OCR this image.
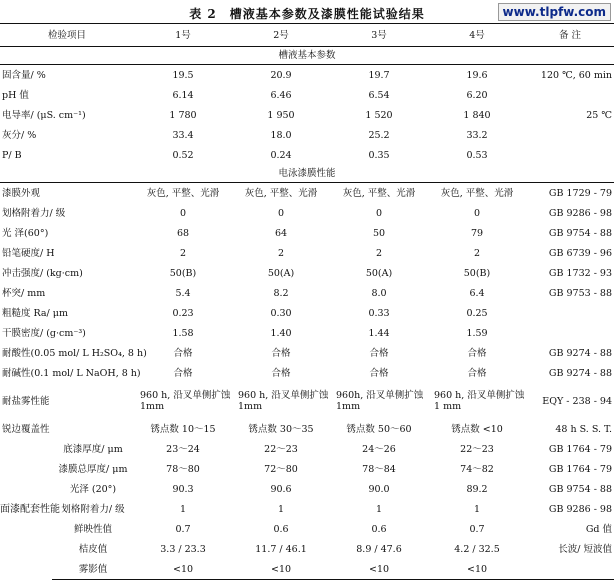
表 2　槽液基本参数及漆膜性能试验结果	www.tlpfw.com
检验项目		1号	2号	3号	4号	备 注
槽液基本参数						
固含量/ %		19.5	20.9	19.7	19.6	120 ℃, 60 min
pH 值		6.14	6.46	6.54	6.20	
电导率/ (μS. cm⁻¹)		1 780	1 950	1 520	1 840	25 ℃
灰分/ %		33.4	18.0	25.2	33.2	
P/ B		0.52	0.24	0.35	0.53	
电泳漆膜性能						
漆膜外观		灰色, 平整、光滑	灰色, 平整、光滑	灰色, 平整、光滑	灰色, 平整、光滑	GB 1729 - 79
划格附着力/ 级		0	0	0	0	GB 9286 - 98
光 泽(60°)		68	64	50	79	GB 9754 - 88
铅笔硬度/ H		2	2	2	2	GB 6739 - 96
冲击强度/ (kg·cm)		50(B)	50(A)	50(A)	50(B)	GB 1732 - 93
杯突/ mm		5.4	8.2	8.0	6.4	GB 9753 - 88
粗糙度 Ra/ μm		0.23	0.30	0.33	0.25	
干膜密度/ (g·cm⁻³)		1.58	1.40	1.44	1.59	
耐酸性(0.05 mol/ L H₂SO₄, 8 h)		合格	合格	合格	合格	GB 9274 - 88
耐碱性(0.1 mol/ L NaOH, 8 h)		合格	合格	合格	合格	GB 9274 - 88
耐盐雾性能		960 h, 沿叉单侧扩蚀 1mm	960 h, 沿叉单侧扩蚀 1mm	960h, 沿叉单侧扩蚀 1mm	960 h, 沿叉单侧扩蚀 1 mm	EQY - 238 - 94
锐边覆盖性		锈点数 10～15	锈点数 30～35	锈点数 50～60	锈点数 <10	48 h S. S. T.
面漆配套性能	底漆厚度/ μm	23～24	22～23	24～26	22～23	GB 1764 - 79
	漆膜总厚度/ μm	78～80	72～80	78～84	74～82	GB 1764 - 79
	光泽 (20°)	90.3	90.6	90.0	89.2	GB 9754 - 88
	划格附着力/ 级	1	1	1	1	GB 9286 - 98
	鲜映性值	0.7	0.6	0.6	0.7	Gd 值
	桔皮值	3.3 / 23.3	11.7 / 46.1	8.9 / 47.6	4.2 / 32.5	长波/ 短波值
	雾影值	<10	<10	<10	<10	
